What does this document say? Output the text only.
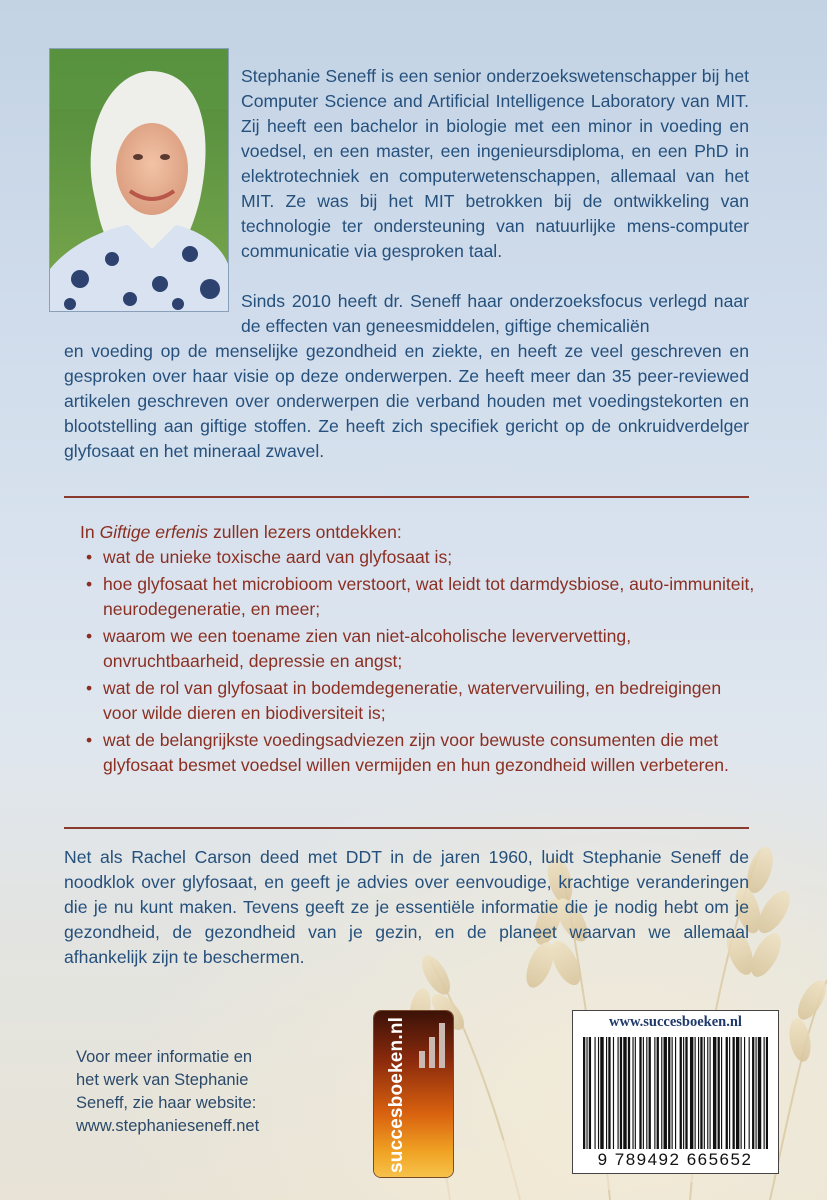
Stephanie Seneff is een senior onderzoekswetenschapper bij het Computer Science and Artificial Intelligence Laboratory van MIT. Zij heeft een bachelor in biologie met een minor in voeding en voedsel, en een master, een ingenieursdiploma, en een PhD in elektrotechniek en computerwetenschappen, allemaal van het MIT. Ze was bij het MIT betrokken bij de ontwikkeling van technologie ter ondersteuning van natuurlijke mens-computer communicatie via gesproken taal.

Sinds 2010 heeft dr. Seneff haar onderzoeksfocus verlegd naar de effecten van geneesmiddelen, giftige chemicaliën

en voeding op de menselijke gezondheid en ziekte, en heeft ze veel geschreven en gesproken over haar visie op deze onderwerpen. Ze heeft meer dan 35 peer-reviewed artikelen geschreven over onderwerpen die verband houden met voedingstekorten en blootstelling aan giftige stoffen. Ze heeft zich specifiek gericht op de onkruidverdelger glyfosaat en het mineraal zwavel.

In Giftige erfenis zullen lezers ontdekken:

• wat de unieke toxische aard van glyfosaat is;
• hoe glyfosaat het microbioom verstoort, wat leidt tot darmdysbiose, auto-immuniteit, neurodegeneratie, en meer;
• waarom we een toename zien van niet-alcoholische leververvetting, onvruchtbaarheid, depressie en angst;
• wat de rol van glyfosaat in bodemdegeneratie, watervervuiling, en bedreigingen voor wilde dieren en biodiversiteit is;
• wat de belangrijkste voedingsadviezen zijn voor bewuste consumenten die met glyfosaat besmet voedsel willen vermijden en hun gezondheid willen verbeteren.

Net als Rachel Carson deed met DDT in de jaren 1960, luidt Stephanie Seneff de noodklok over glyfosaat, en geeft je advies over eenvoudige, krachtige veranderingen die je nu kunt maken. Tevens geeft ze je essentiële informatie die je nodig hebt om je gezondheid, de gezondheid van je gezin, en de planeet waarvan we allemaal afhankelijk zijn te beschermen.

Voor meer informatie en
het werk van Stephanie
Seneff, zie haar website:
www.stephanieseneff.net	succesboeken.nl	www.succesboeken.nl
9 789492 665652
